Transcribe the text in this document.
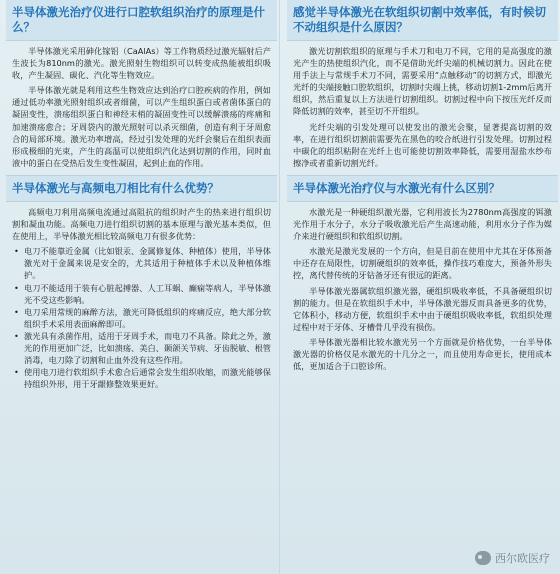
半导体激光治疗仪进行口腔软组织治疗的原理是什么？

半导体激光采用砷化镓铝（CaAlAs）等工作物质经过激光辐射后产生波长为810nm的激光。激光照射生物组织可以转变成热能被组织吸收，产生凝固、碳化、汽化等生物效应。

半导体激光就是利用这些生物效应达到治疗口腔疾病的作用，例如通过低功率激光照射组织或者细菌，可以产生组织蛋白或者菌体蛋白的凝固变性，溃疡组织蛋白和神经末梢的凝固变性可以缓解溃疡的疼痛和加速溃疡愈合；牙周袋内的激光照射可以杀灭细菌，创造有利于牙周愈合的局部环境。激光功率增高，经过引发处理的光纤会聚后在组织表面形成极细的光束，产生的高温可以使组织汽化达到切割的作用，同时血液中的蛋白在受热后发生变性凝固，起到止血的作用。

半导体激光与高频电刀相比有什么优势？

高频电刀利用高频电流通过高阻抗的组织时产生的热来进行组织切割和凝血功能。高频电刀进行组织切割的基本原理与激光基本类似，但在使用上，半导体激光相比较高频电刀有很多优势：

• 电刀不能靠近金属（比如银汞、金属修复体、种植体）使用，半导体激光对于金属来说是安全的，尤其适用于种植体手术以及种植体维护。
• 电刀不能适用于装有心脏起搏器、人工耳蜗、癫痫等病人，半导体激光不受这些影响。
• 电刀采用常规的麻醉方法，激光可降低组织的疼痛反应，绝大部分软组织手术采用表面麻醉即可。
• 激光具有杀菌作用，适用于牙周手术，而电刀不具备。除此之外，激光的作用更加广泛，比如溃疡、美白、颞颌关节病、牙齿脱敏、根管消毒，电刀除了切割和止血外没有这些作用。
• 使用电刀进行软组织手术愈合后通常会发生组织收缩，而激光能够保持组织外形，用于牙龈修整效果更好。
感觉半导体激光在软组织切割中效率低，有时候切不动组织是什么原因？

激光切割软组织的原理与手术刀和电刀不同，它用的是高强度的激光产生的热使组织汽化，而不是借助光纤尖端的机械切割力。因此在使用手法上与常规手术刀不同，需要采用“点触移动”的切割方式，即激光光纤的尖端接触口腔软组织，切割时尖端上挑，移动切割1-2mm后离开组织，然后重复以上方法进行切割组织。切割过程中向下按压光纤反而降低切割的效率，甚至切不开组织。

光纤尖端的引发处理可以使发出的激光会聚，显著提高切割的效率，在进行组织切割前需要先在黑色的咬合纸进行引发处理。切割过程中碳化的组织粘附在光纤上也可能使切割效率降低，需要用湿盐水纱布擦净或者重新切割光纤。

半导体激光治疗仪与水激光有什么区别？

水激光是一种硬组织激光器，它利用波长为2780nm高强度的铒激光作用于水分子，水分子吸收激光后产生高速动能，利用水分子作为媒介来进行硬组织和软组织切割。

水激光是激光发展的一个方向，但是目前在使用中尤其在牙体预备中还存在局限性，切割硬组织的效率低，操作技巧难度大，预备外形失控，离代替传统的牙钻备牙还有很远的距离。

半导体激光器属软组织激光器，硬组织吸收率低，不具备硬组织切割的能力。但是在软组织手术中，半导体激光器反而具备更多的优势，它体积小，移动方便，软组织手术中由于硬组织吸收率低，软组织处理过程中对于牙体、牙槽骨几乎没有损伤。

半导体激光器相比较水激光另一个方面就是价格优势，一台半导体激光器的价格仅是水激光的十几分之一，而且使用寿命更长，使用成本低，更加适合于口腔诊所。

西尔欧医疗
